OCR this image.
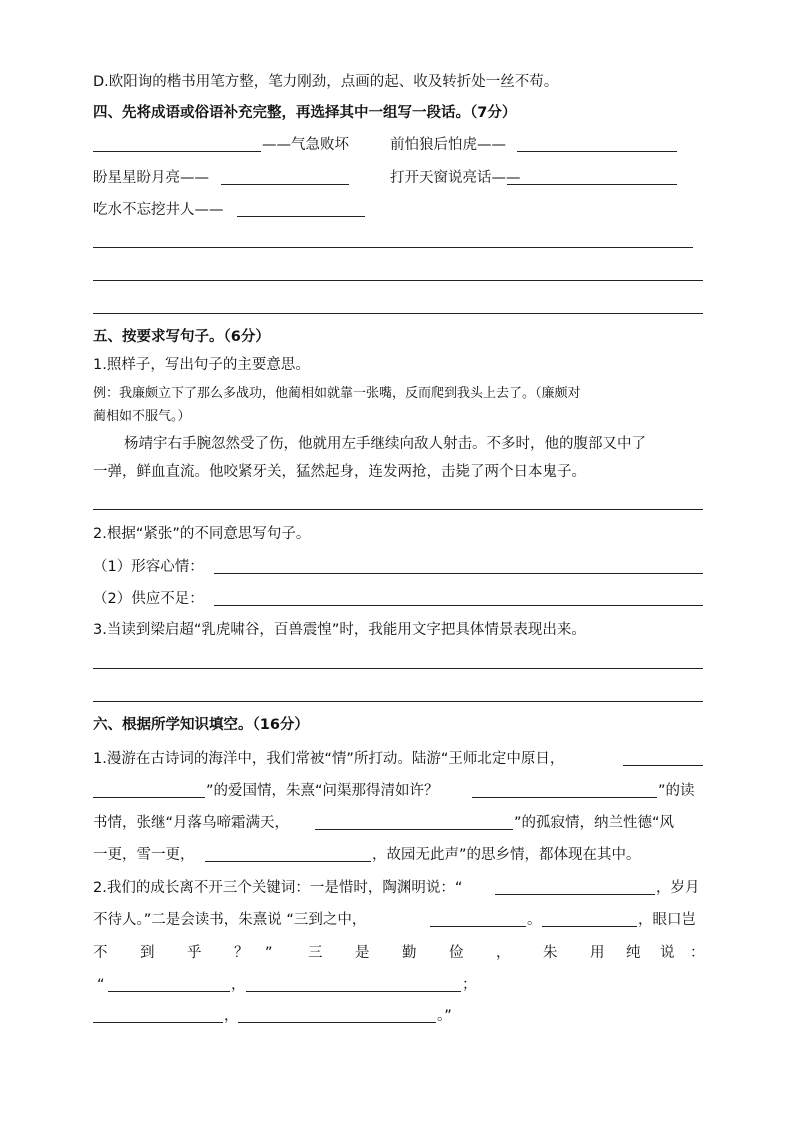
D.欧阳询的楷书用笔方整，笔力刚劲，点画的起、收及转折处一丝不苟。
四、先将成语或俗语补充完整，再选择其中一组写一段话。（7分）
——气急败坏	前怕狼后怕虎——
盼星星盼月亮——	打开天窗说亮话——
吃水不忘挖井人——
五、按要求写句子。（6分）
1.照样子，写出句子的主要意思。
例：我廉颇立下了那么多战功，他蔺相如就靠一张嘴，反而爬到我头上去了。（廉颇对
蔺相如不服气。）
杨靖宇右手腕忽然受了伤，他就用左手继续向敌人射击。不多时，他的腹部又中了
一弹，鲜血直流。他咬紧牙关，猛然起身，连发两抢，击毙了两个日本鬼子。
2.根据“紧张”的不同意思写句子。
（1）形容心情：
（2）供应不足：
3.当读到梁启超“乳虎啸谷，百兽震惶”时，我能用文字把具体情景表现出来。
六、根据所学知识填空。（16分）
1.漫游在古诗词的海洋中，我们常被“情”所打动。陆游“王师北定中原日，
”的爱国情，朱熹“问渠那得清如许？	”的读
书情，张继“月落乌啼霜满天，	”的孤寂情，纳兰性德“风
一更，雪一更，	，故园无此声”的思乡情，都体现在其中。
2.我们的成长离不开三个关键词：一是惜时，陶渊明说：“	，岁月
不待人。”二是会读书，朱熹说 “三到之中，	。	，眼口岂
不 到 乎 ？ ” 三 是 勤 俭 ， 朱 用 纯 说 ：
“	，	；
，	。”
